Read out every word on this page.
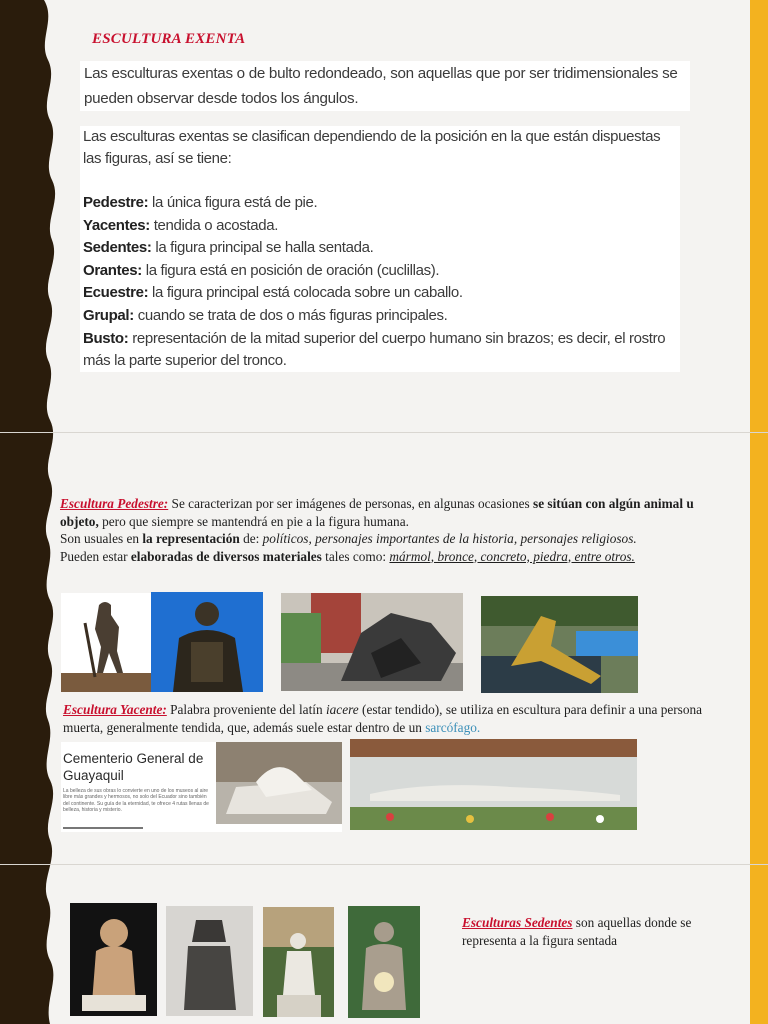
ESCULTURA EXENTA
Las esculturas exentas o de bulto redondeado, son aquellas que por ser tridimensionales se pueden observar desde todos los ángulos.
Las esculturas exentas se clasifican dependiendo de la posición en la que están dispuestas las figuras, así se tiene:
Pedestre: la única figura está de pie.
Yacentes: tendida o acostada.
Sedentes: la figura principal se halla sentada.
Orantes: la figura está en posición de oración (cuclillas).
Ecuestre: la figura principal está colocada sobre un caballo.
Grupal: cuando se trata de dos o más figuras principales.
Busto: representación de la mitad superior del cuerpo humano sin brazos; es decir, el rostro más la parte superior del tronco.
Escultura Pedestre: Se caracterizan por ser imágenes de personas, en algunas ocasiones se sitúan con algún animal u objeto, pero que siempre se mantendrá en pie a la figura humana.
Son usuales en la representación de: políticos, personajes importantes de la historia, personajes religiosos.
Pueden estar elaboradas de diversos materiales tales como: mármol, bronce, concreto, piedra, entre otros.
Escultura Yacente: Palabra proveniente del latín iacere (estar tendido), se utiliza en escultura para definir a una persona muerta, generalmente tendida, que, además suele estar dentro de un sarcófago.
Cementerio General de Guayaquil
La belleza de sus obras lo convierte en uno de los museos al aire libre más grandes y hermosos, no solo del Ecuador sino también del continente. Su guía de la eternidad, te ofrece 4 rutas llenas de belleza, historia y misterio.
Esculturas Sedentes son aquellas donde se representa a la figura sentada
